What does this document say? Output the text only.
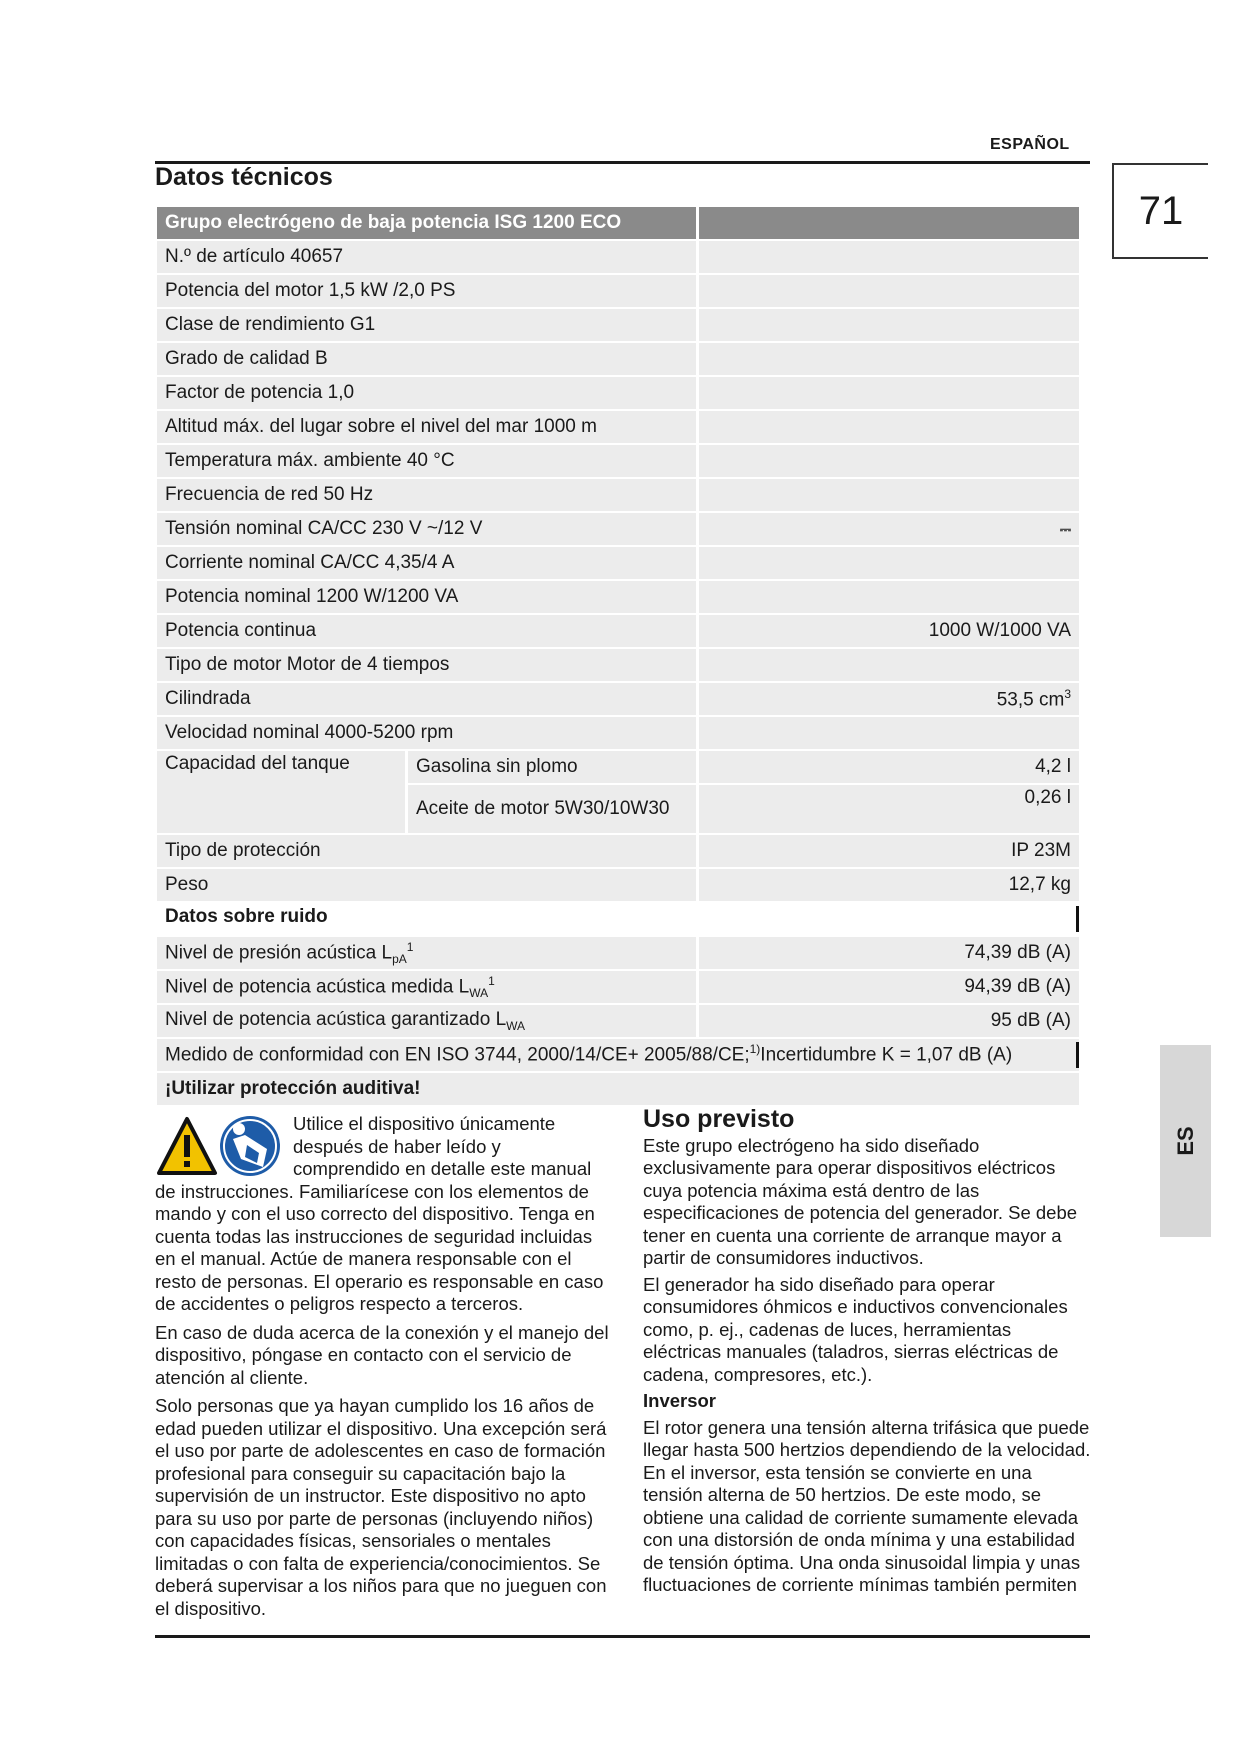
ESPAÑOL
Datos técnicos
71
ES
Grupo electrógeno de baja potencia ISG 1200 ECO		
N.º de artículo 40657		
Potencia del motor 1,5 kW /2,0 PS		
Clase de rendimiento G1		
Grado de calidad B		
Factor de potencia 1,0		
Altitud máx. del lugar sobre el nivel del mar 1000 m		
Temperatura máx. ambiente 40 °C		
Frecuencia de red 50 Hz		
Tensión nominal CA/CC 230 V ~/12 V		⎓
Corriente nominal CA/CC 4,35/4 A		
Potencia nominal 1200 W/1200 VA		
Potencia continua		1000 W/1000 VA
Tipo de motor Motor de 4 tiempos		
Cilindrada		53,5 $cm^3$
Velocidad nominal 4000-5200 rpm		
Capacidad del tanque	Gasolina sin plomo	4,2 l
	Aceite de motor 5W30/10W30	0,26 l
Tipo de protección		IP 23M
Peso		12,7 kg
Datos sobre ruido		

Nivel de presión acústica $L_{pA}^1$		74,39 dB (A)
Nivel de potencia acústica medida $L_{WA}^1$		94,39 dB (A)
Nivel de potencia acústica garantizado $L_{WA}$		95 dB (A)
Medido de conformidad con EN ISO 3744, 2000/14/CE+ 2005/88/CE;$^{1)}$Incertidumbre K = 1,07 dB (A)		

¡Utilizar protección auditiva!		

Utilice el dispositivo únicamente después de haber leído y comprendido en detalle este manual de instrucciones. Familiarícese con los elementos de mando y con el uso correcto del dispositivo. Tenga en cuenta todas las instrucciones de seguridad incluidas en el manual. Actúe de manera responsable con el resto de personas. El operario es responsable en caso de accidentes o peligros respecto a terceros.

En caso de duda acerca de la conexión y el manejo del dispositivo, póngase en contacto con el servicio de atención al cliente.

Solo personas que ya hayan cumplido los 16 años de edad pueden utilizar el dispositivo. Una excepción será el uso por parte de adolescentes en caso de formación profesional para conseguir su capacitación bajo la supervisión de un instructor. Este dispositivo no apto para su uso por parte de personas (incluyendo niños) con capacidades físicas, sensoriales o mentales limitadas o con falta de experiencia/conocimientos. Se deberá supervisar a los niños para que no jueguen con el dispositivo.

Uso previsto

Este grupo electrógeno ha sido diseñado exclusivamente para operar dispositivos eléctricos cuya potencia máxima está dentro de las especificaciones de potencia del generador. Se debe tener en cuenta una corriente de arranque mayor a partir de consumidores inductivos.

El generador ha sido diseñado para operar consumidores óhmicos e inductivos convencionales como, p. ej., cadenas de luces, herramientas eléctricas manuales (taladros, sierras eléctricas de cadena, compresores, etc.).

Inversor

El rotor genera una tensión alterna trifásica que puede llegar hasta 500 hertzios dependiendo de la velocidad. En el inversor, esta tensión se convierte en una tensión alterna de 50 hertzios. De este modo, se obtiene una calidad de corriente sumamente elevada con una distorsión de onda mínima y una estabilidad de tensión óptima. Una onda sinusoidal limpia y unas fluctuaciones de corriente mínimas también permiten
